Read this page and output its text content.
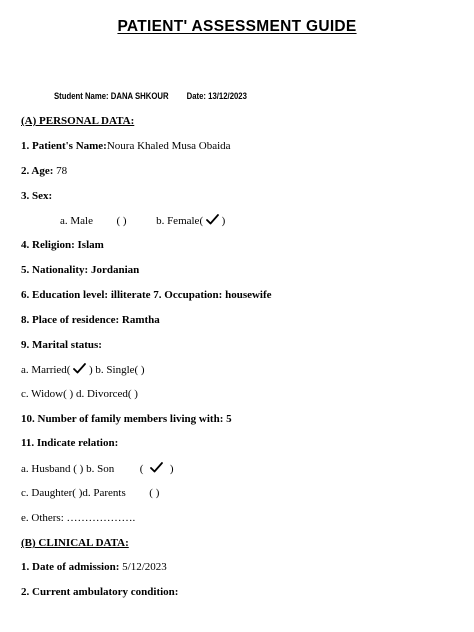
PATIENT' ASSESSMENT GUIDE
Student Name: DANA SHKOUR Date: 13/12/2023
(A) PERSONAL DATA:
1. Patient's Name:Noura Khaled Musa Obaida
2. Age: 78
3. Sex:
a. Male ( )	b. Female( )
4. Religion: Islam
5. Nationality: Jordanian
6. Education level: illiterate 7. Occupation: housewife
8. Place of residence: Ramtha
9. Marital status:
a. Married( ) b. Single( )
c. Widow( ) d. Divorced( )
10. Number of family members living with: 5
11. Indicate relation:
a. Husband ( ) b. Son ( )
c. Daughter( )d. Parents ( )
e. Others: ……………….
(B) CLINICAL DATA:
1. Date of admission: 5/12/2023
2. Current ambulatory condition:
